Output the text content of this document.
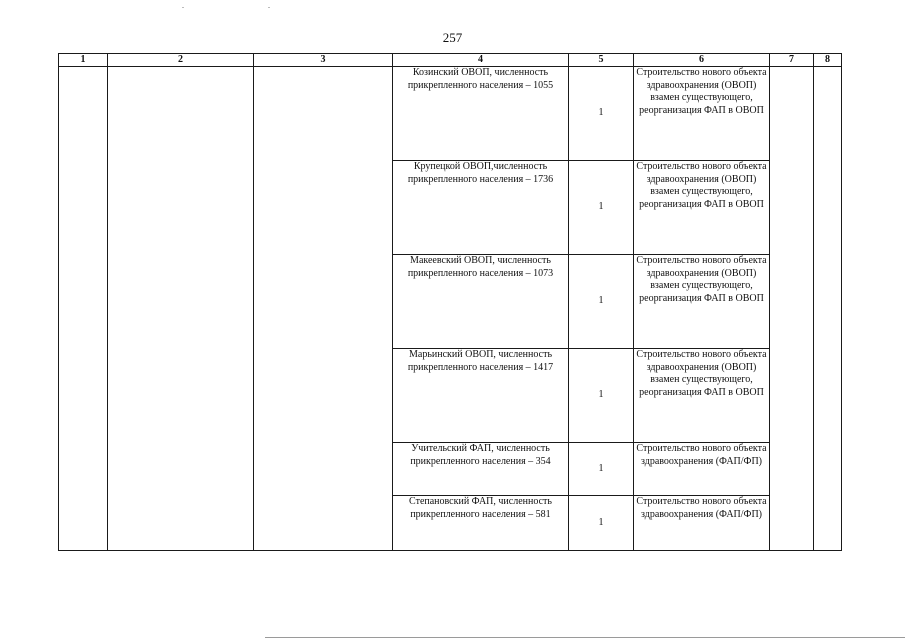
257
1	2	3	4	5	6	7	8
			Козинский ОВОП, численность прикрепленного населения – 1055	1	Строительство нового объекта здравоохранения (ОВОП) взамен существующего, реорганизация ФАП в ОВОП		
			Крупецкой ОВОП,численность прикрепленного населения – 1736	1	Строительство нового объекта здравоохранения (ОВОП) взамен существующего, реорганизация ФАП в ОВОП		
			Макеевский ОВОП, численность прикрепленного населения – 1073	1	Строительство нового объекта здравоохранения (ОВОП) взамен существующего, реорганизация ФАП в ОВОП		
			Марьинский ОВОП, численность прикрепленного населения – 1417	1	Строительство нового объекта здравоохранения (ОВОП) взамен существующего, реорганизация ФАП в ОВОП		
			Учительский ФАП, численность прикрепленного населения – 354	1	Строительство нового объекта здравоохранения (ФАП/ФП)		
			Степановский ФАП, численность прикрепленного населения – 581	1	Строительство нового объекта здравоохранения (ФАП/ФП)		
